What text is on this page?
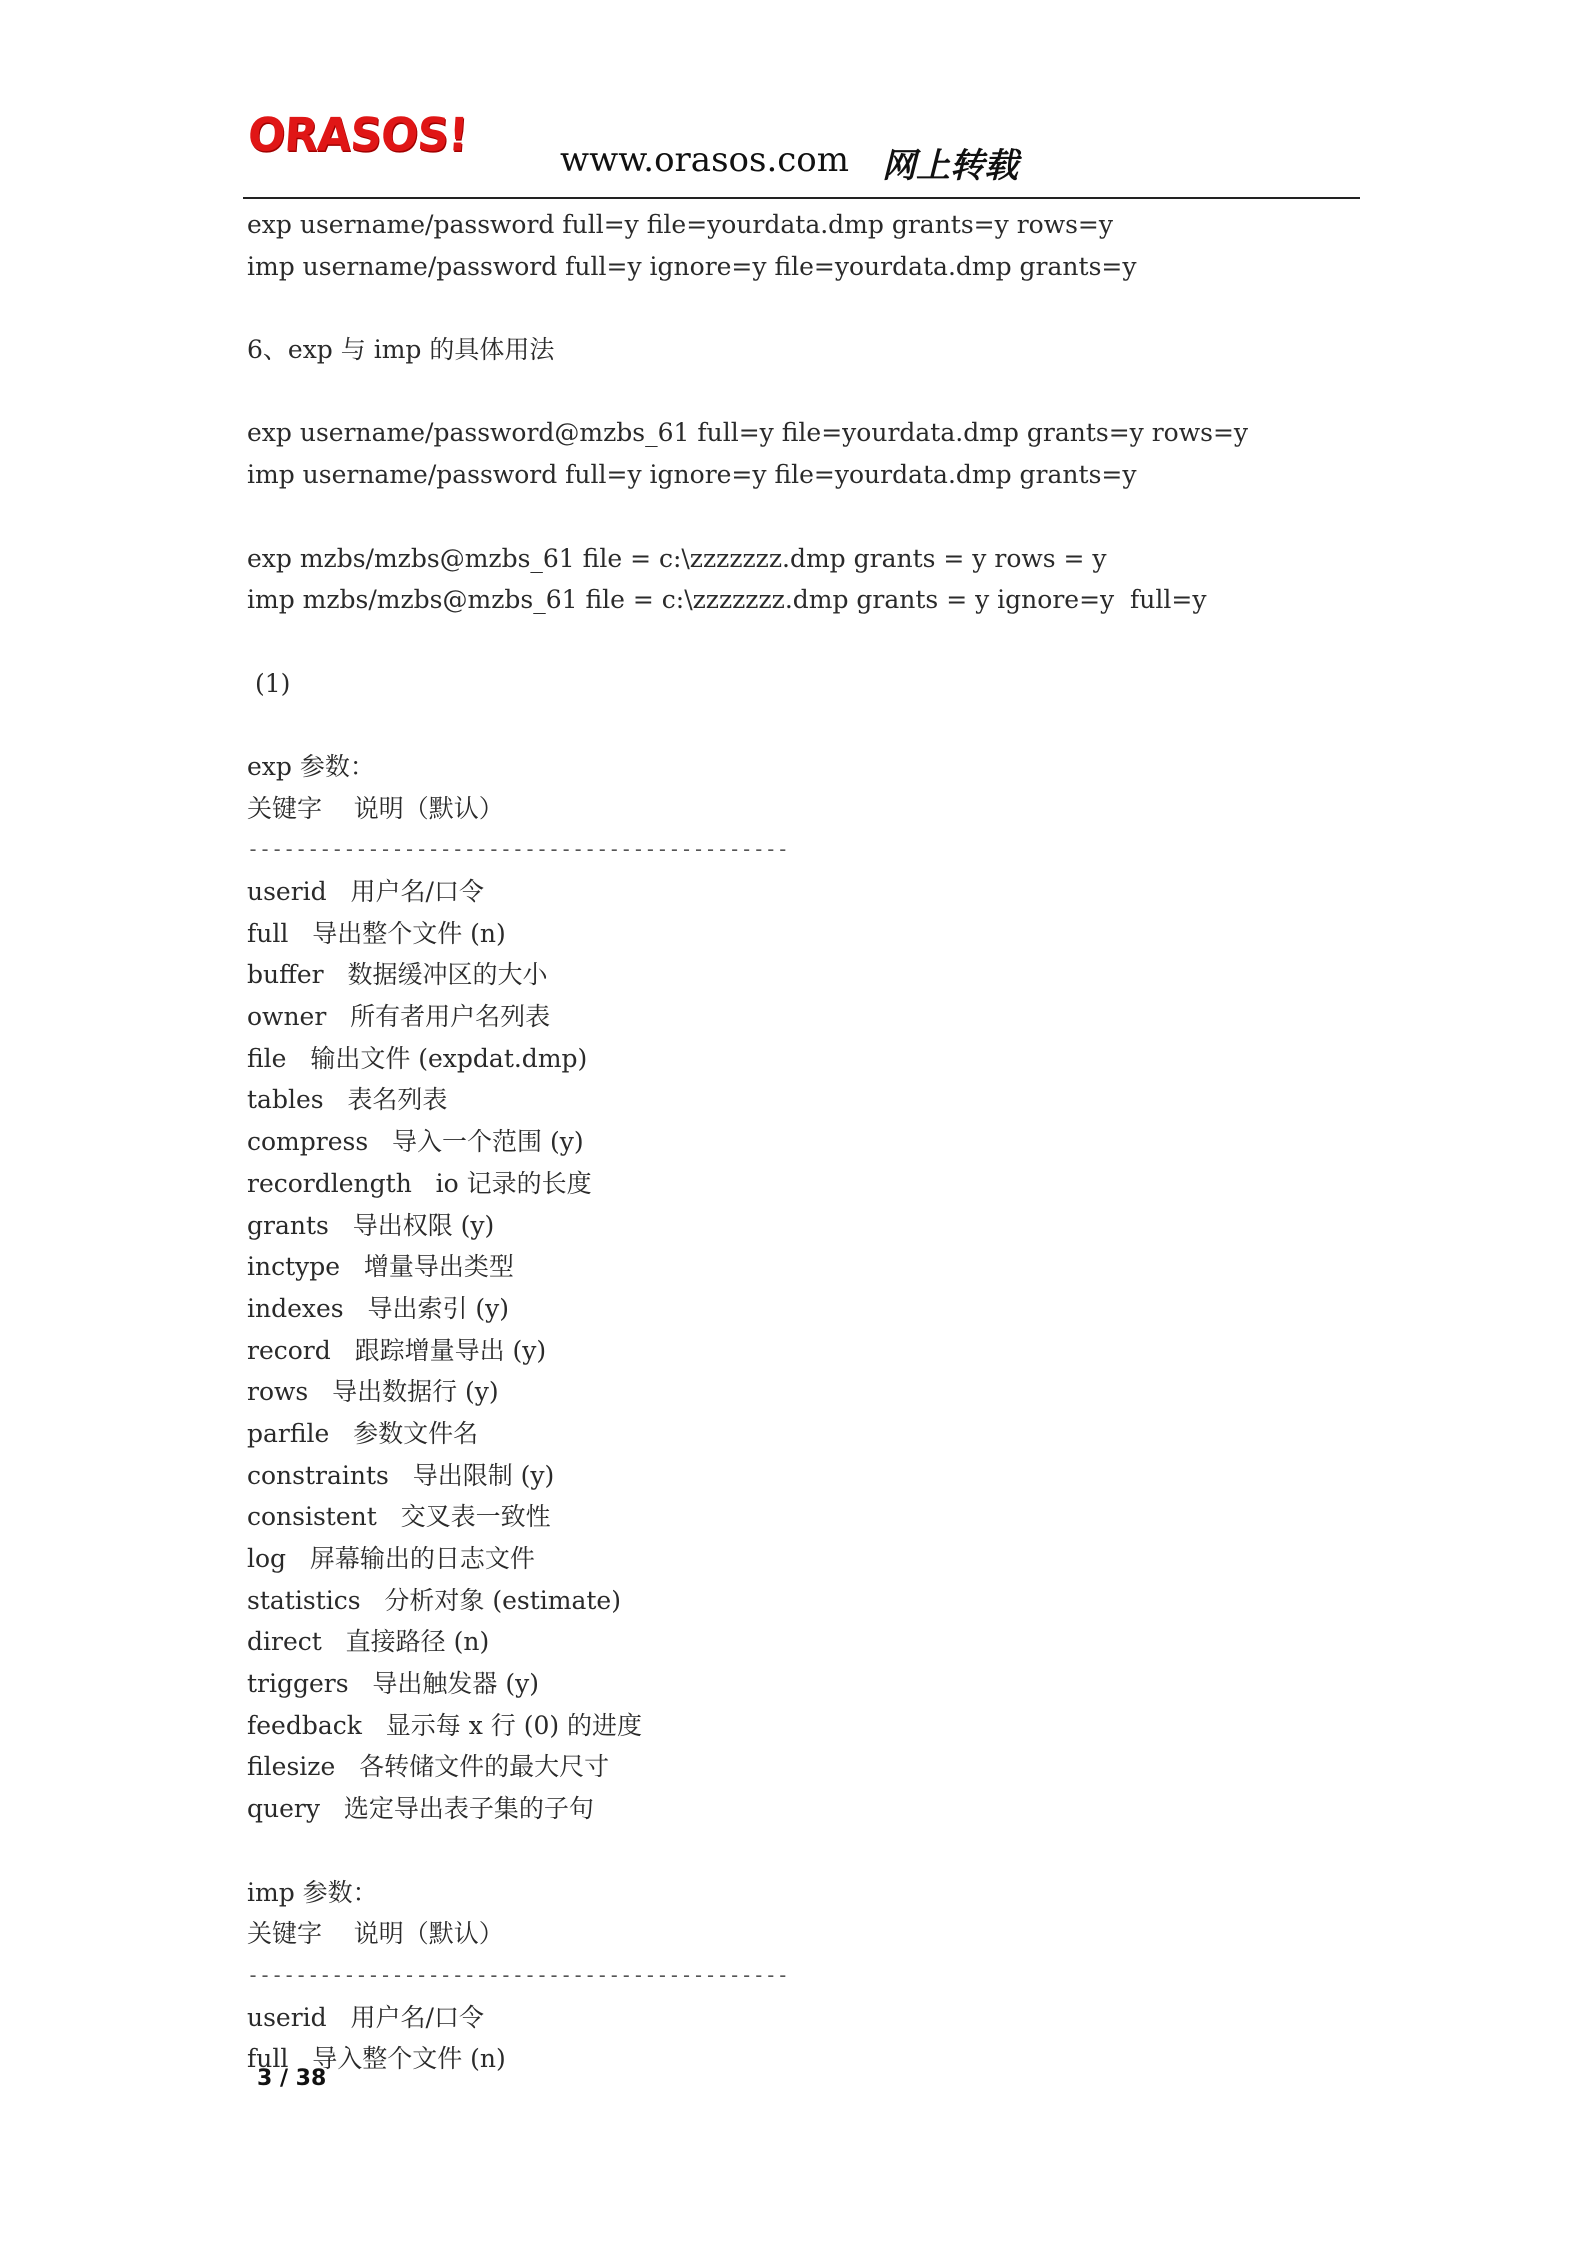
ORASOS!	www.orasos.com 网上转载
exp username/password full=y file=yourdata.dmp grants=y rows=y
imp username/password full=y ignore=y file=yourdata.dmp grants=y
6、exp 与 imp 的具体用法
exp username/password@mzbs_61 full=y file=yourdata.dmp grants=y rows=y
imp username/password full=y ignore=y file=yourdata.dmp grants=y
exp mzbs/mzbs@mzbs_61 file = c:\zzzzzzz.dmp grants = y rows = y
imp mzbs/mzbs@mzbs_61 file = c:\zzzzzzz.dmp grants = y ignore=y  full=y
(1)
exp 参数：
关键字    说明（默认）
---------------------------------------------
userid
用户名/口令
full
导出整个文件 (n)
buffer
数据缓冲区的大小
owner
所有者用户名列表
file
输出文件 (expdat.dmp)
tables
表名列表
compress
导入一个范围 (y)
recordlength
io 记录的长度
grants
导出权限 (y)
inctype
增量导出类型
indexes
导出索引 (y)
record
跟踪增量导出 (y)
rows
导出数据行 (y)
parfile
参数文件名
constraints
导出限制 (y)
consistent
交叉表一致性
log
屏幕输出的日志文件
statistics
分析对象 (estimate)
direct
直接路径 (n)
triggers
导出触发器 (y)
feedback
显示每 x 行 (0) 的进度
filesize
各转储文件的最大尺寸
query
选定导出表子集的子句
imp 参数：
关键字    说明（默认）
---------------------------------------------
userid
用户名/口令
full
导入整个文件 (n)
3 / 38
